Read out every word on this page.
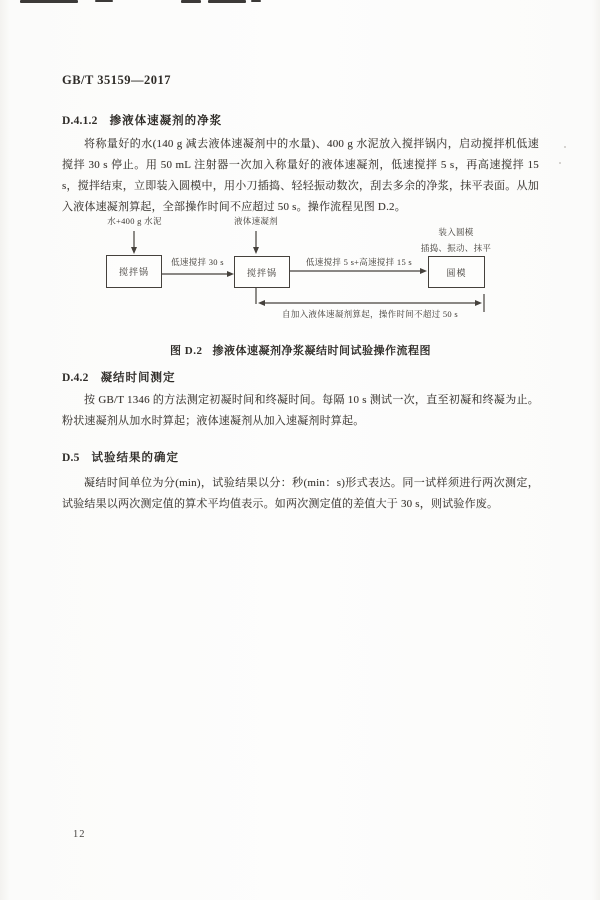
GB/T 35159—2017
D.4.1.2 掺液体速凝剂的净浆

将称量好的水(140 g 减去液体速凝剂中的水量)、400 g 水泥放入搅拌锅内，启动搅拌机低速搅拌 30 s 停止。用 50 mL 注射器一次加入称量好的液体速凝剂，低速搅拌 5 s，再高速搅拌 15 s，搅拌结束，立即装入圆模中，用小刀插捣、轻轻振动数次，刮去多余的净浆，抹平表面。从加入液体速凝剂算起，全部操作时间不应超过 50 s。操作流程见图 D.2。

水+400 g 水泥	液体速凝剂
搅拌锅
低速搅拌 30 s
搅拌锅
低速搅拌 5 s+高速搅拌 15 s
装入圆模
插捣、振动、抹平
圆模
自加入液体速凝剂算起，操作时间不超过 50 s
图 D.2 掺液体速凝剂净浆凝结时间试验操作流程图
D.4.2 凝结时间测定

按 GB/T 1346 的方法测定初凝时间和终凝时间。每隔 10 s 测试一次，直至初凝和终凝为止。粉状速凝剂从加水时算起；液体速凝剂从加入速凝剂时算起。

D.5 试验结果的确定

凝结时间单位为分(min)，试验结果以分：秒(min：s)形式表达。同一试样须进行两次测定，试验结果以两次测定值的算术平均值表示。如两次测定值的差值大于 30 s，则试验作废。

12
